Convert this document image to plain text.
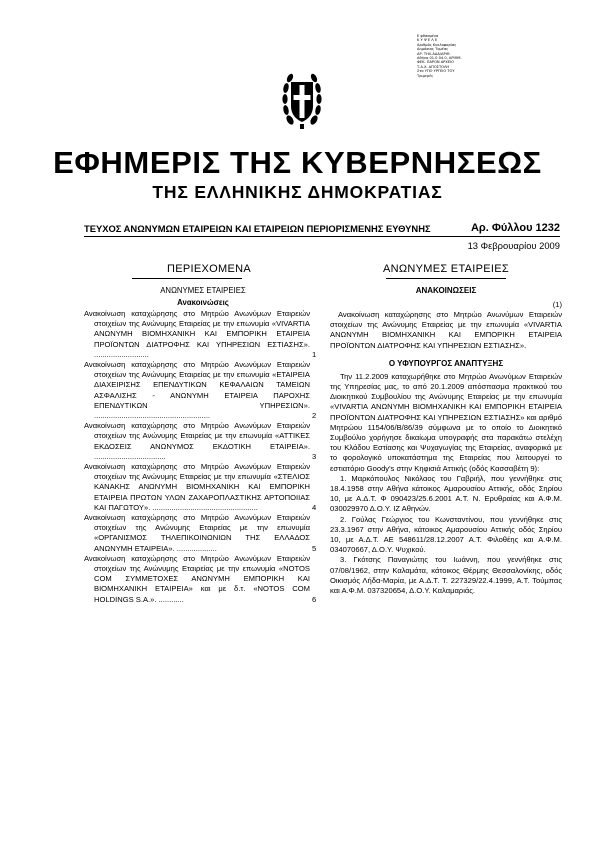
Ε φθασμένα
Κ Υ Ψ Ε Λ Ε
Αριθμός Κυκλοφορίας
Δημόσιος Τομέας
ΑΡ. ΤΗΛ.ΑΔΑ/ΑΡΙΘ.
Αθήνα 01.0 04.0, ΑΡΙΘΜ.
ΦΕΚ. ΠΑΡΟΝ ΑΡΧΕΙΟ
Τ.Α.Χ. ΑΠΟΣΤΟΛΗ
Στο ΥΠΟ ΥΡΓΕΙΟ ΤΟΥ
Τριμερές
ΕΦΗΜΕΡΙΣ ΤΗΣ ΚΥΒΕΡΝΗΣΕΩΣ
ΤΗΣ ΕΛΛΗΝΙΚΗΣ ΔΗΜΟΚΡΑΤΙΑΣ
ΤΕΥΧΟΣ ΑΝΩΝΥΜΩΝ ΕΤΑΙΡΕΙΩΝ ΚΑΙ ΕΤΑΙΡΕΙΩΝ ΠΕΡΙΟΡΙΣΜΕΝΗΣ ΕΥΘΥΝΗΣ	Αρ. Φύλλου 1232
13 Φεβρουαρίου 2009
ΠΕΡΙΕΧΟΜΕΝΑ
ΑΝΩΝΥΜΕΣ ΕΤΑΙΡΕΙΕΣ
Ανακοινώσεις
Ανακοίνωση καταχώρησης στο Μητρώο Ανωνύμων Εταιρειών στοιχείων της Ανώνυμης Εταιρείας με την επωνυμία «VIVARTIA ΑΝΩΝΥΜΗ ΒΙΟΜΗΧΑΝΙΚΗ ΚΑΙ ΕΜΠΟΡΙΚΗ ΕΤΑΙΡΕΙΑ ΠΡΟΪΟΝΤΩΝ ΔΙΑΤΡΟΦΗΣ ΚΑΙ ΥΠΗΡΕΣΙΩΝ ΕΣΤΙΑΣΗΣ». ..........................	1
Ανακοίνωση καταχώρησης στο Μητρώο Ανωνύμων Εταιρειών στοιχείων της Ανώνυμης Εταιρείας με την επωνυμία «ΕΤΑΙΡΕΙΑ ΔΙΑΧΕΙΡΙΣΗΣ ΕΠΕΝΔΥΤΙΚΩΝ ΚΕΦΑΛΑΙΩΝ ΤΑΜΕΙΩΝ ΑΣΦΑΛΙΣΗΣ - ΑΝΩΝΥΜΗ ΕΤΑΙΡΕΙΑ ΠΑΡΟΧΗΣ ΕΠΕΝΔΥΤΙΚΩΝ ΥΠΗΡΕΣΙΩΝ». .......................................................	2
Ανακοίνωση καταχώρησης στο Μητρώο Ανωνύμων Εταιρειών στοιχείων της Ανώνυμης Εταιρείας με την επωνυμία «ΑΤΤΙΚΕΣ ΕΚΔΟΣΕΙΣ ΑΝΩΝΥΜΟΣ ΕΚΔΟΤΙΚΗ ΕΤΑΙΡΕΙΑ». ..................................	3
Ανακοίνωση καταχώρησης στο Μητρώο Ανωνύμων Εταιρειών στοιχείων της Ανώνυμης Εταιρείας με την επωνυμία «ΣΤΕΛΙΟΣ ΚΑΝΑΚΗΣ ΑΝΩΝΥΜΗ ΒΙΟΜΗΧΑΝΙΚΗ ΚΑΙ ΕΜΠΟΡΙΚΗ ΕΤΑΙΡΕΙΑ ΠΡΩΤΩΝ ΥΛΩΝ ΖΑΧΑΡΟΠΛΑΣΤΙΚΗΣ ΑΡΤΟΠΟΙΙΑΣ ΚΑΙ ΠΑΓΩΤΟΥ». ..................................................	4
Ανακοίνωση καταχώρησης στο Μητρώο Ανωνύμων Εταιρειών στοιχείων της Ανώνυμης Εταιρείας με την επωνυμία «ΟΡΓΑΝΙΣΜΟΣ ΤΗΛΕΠΙΚΟΙΝΩΝΙΩΝ ΤΗΣ ΕΛΛΑΔΟΣ ΑΝΩΝΥΜΗ ΕΤΑΙΡΕΙΑ». ...................	5
Ανακοίνωση καταχώρησης στο Μητρώο Ανωνύμων Εταιρειών στοιχείων της Ανώνυμης Εταιρείας με την επωνυμία «NOTOS COM ΣΥΜΜΕΤΟΧΕΣ ΑΝΩΝΥΜΗ ΕΜΠΟΡΙΚΗ ΚΑΙ ΒΙΟΜΗΧΑΝΙΚΗ ΕΤΑΙΡΕΙΑ» και με δ.τ. «NOTOS COM HOLDINGS S.A.». ............	6
ΑΝΩΝΥΜΕΣ ΕΤΑΙΡΕΙΕΣ
ΑΝΑΚΟΙΝΩΣΕΙΣ
(1)
Ανακοίνωση καταχώρησης στο Μητρώο Ανωνύμων Εταιρειών στοιχείων της Ανώνυμης Εταιρείας με την επωνυμία «VIVARTIA ΑΝΩΝΥΜΗ ΒΙΟΜΗΧΑΝΙΚΗ ΚΑΙ ΕΜΠΟΡΙΚΗ ΕΤΑΙΡΕΙΑ ΠΡΟΪΟΝΤΩΝ ΔΙΑΤΡΟΦΗΣ ΚΑΙ ΥΠΗΡΕΣΙΩΝ ΕΣΤΙΑΣΗΣ».
Ο ΥΦΥΠΟΥΡΓΟΣ ΑΝΑΠΤΥΞΗΣ
Την 11.2.2009 καταχωρήθηκε στο Μητρώο Ανωνύμων Εταιρειών της Υπηρεσίας μας, το από 20.1.2009 απόσπασμα πρακτικού του Διοικητικού Συμβουλίου της Ανώνυμης Εταιρείας με την επωνυμία «VIVARTIA ΑΝΩΝΥΜΗ ΒΙΟΜΗΧΑΝΙΚΗ ΚΑΙ ΕΜΠΟΡΙΚΗ ΕΤΑΙΡΕΙΑ ΠΡΟΪΟΝΤΩΝ ΔΙΑΤΡΟΦΗΣ ΚΑΙ ΥΠΗΡΕΣΙΩΝ ΕΣΤΙΑΣΗΣ» και αριθμό Μητρώου 1154/06/Β/86/39 σύμφωνα με το οποίο το Διοικητικό Συμβούλιο χορήγησε δικαίωμα υπογραφής στα παρακάτω στελέχη του Κλάδου Εστίασης και Ψυχαγωγίας της Εταιρείας, αναφορικά με το φορολογικό υποκατάστημα της Εταιρείας που λειτουργεί το εστιατόριο Goody's στην Κηφισιά Αττικής (οδός Κασσαβέτη 9):
1. Μαρκόπουλος Νικόλαος του Γαβριήλ, που γεννήθηκε στις 18.4.1958 στην Αθήνα κάτοικος Αμαρουσίου Αττικής, οδός Σηρίου 10, με Α.Δ.Τ. Φ 090423/25.6.2001 Α.Τ. Ν. Ερυθραίας και Α.Φ.Μ. 030029970 Δ.Ο.Υ. ΙΖ Αθηνών.
2. Γούλας Γεώργιος του Κωνσταντίνου, που γεννήθηκε στις 23.3.1967 στην Αθήνα, κάτοικος Αμαρουσίου Αττικής οδός Σηρίου 10, με Α.Δ.Τ. ΑΕ 548611/28.12.2007 Α.Τ. Φιλοθέης και Α.Φ.Μ. 034070667, Δ.Ο.Υ. Ψυχικού.
3. Γκότσης Παναγιώτης του Ιωάννη, που γεννήθηκε στις 07/08/1962, στην Καλαμάτα, κάτοικος Θέρμης Θεσσαλονίκης, οδός Οικισμός Λήδα-Μαρία, με Α.Δ.Τ. Τ. 227329/22.4.1999, Α.Τ. Τούμπας και Α.Φ.Μ. 037320654, Δ.Ο.Υ. Καλαμαριάς.
